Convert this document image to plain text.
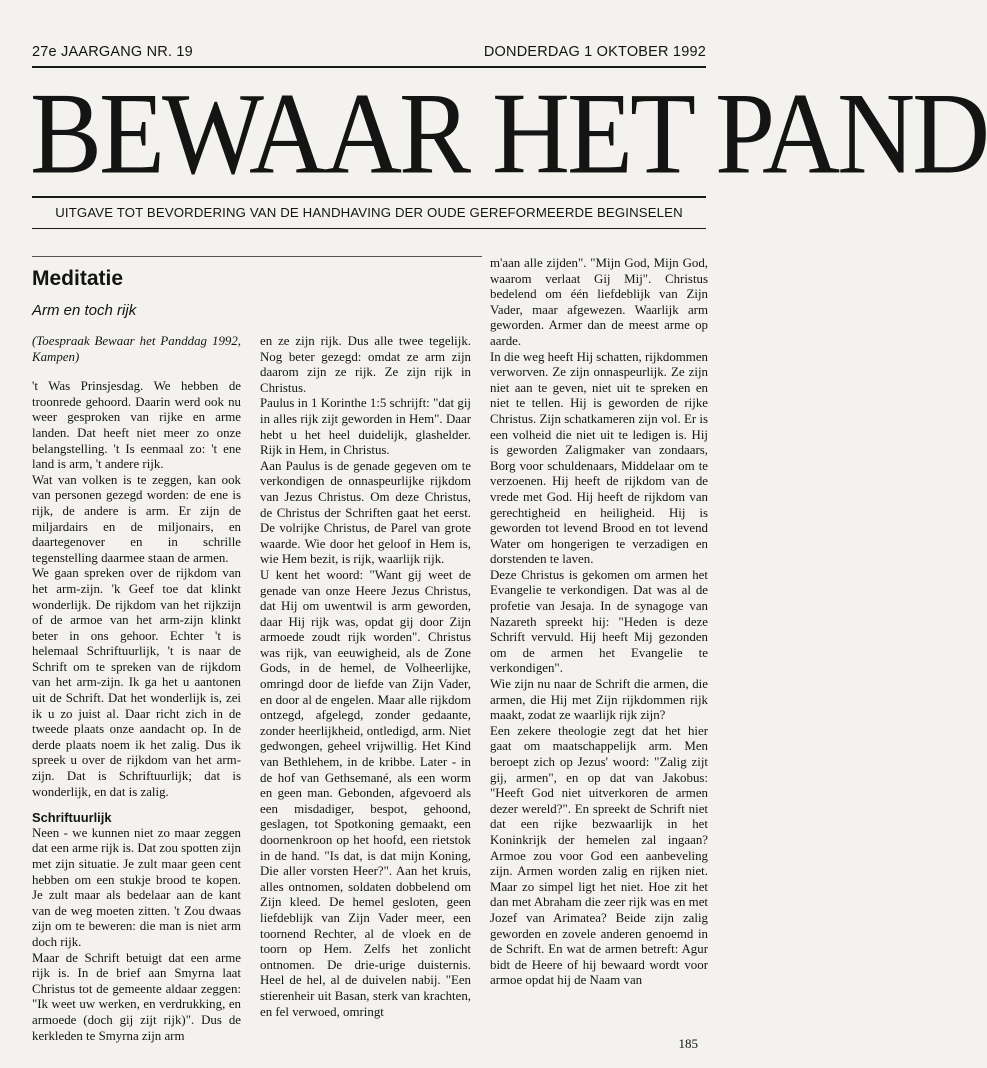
27e JAARGANG NR. 19	DONDERDAG 1 OKTOBER 1992
BEWAAR HET PAND
UITGAVE TOT BEVORDERING VAN DE HANDHAVING DER OUDE GEREFORMEERDE BEGINSELEN

Meditatie

Arm en toch rijk

(Toespraak Bewaar het Panddag 1992, Kampen)

't Was Prinsjesdag. We hebben de troonrede gehoord. Daarin werd ook nu weer gesproken van rijke en arme landen. Dat heeft niet meer zo onze belangstelling. 't Is eenmaal zo: 't ene land is arm, 't andere rijk.

Wat van volken is te zeggen, kan ook van personen gezegd worden: de ene is rijk, de andere is arm. Er zijn de miljardairs en de miljonairs, en daartegenover en in schrille tegenstelling daarmee staan de armen.

We gaan spreken over de rijkdom van het arm-zijn. 'k Geef toe dat klinkt wonderlijk. De rijkdom van het rijkzijn of de armoe van het arm-zijn klinkt beter in ons gehoor. Echter 't is helemaal Schriftuurlijk, 't is naar de Schrift om te spreken van de rijkdom van het arm-zijn. Ik ga het u aantonen uit de Schrift. Dat het wonderlijk is, zei ik u zo juist al. Daar richt zich in de tweede plaats onze aandacht op. In de derde plaats noem ik het zalig. Dus ik spreek u over de rijkdom van het arm-zijn. Dat is Schriftuurlijk; dat is wonderlijk, en dat is zalig.

Schriftuurlijk

Neen - we kunnen niet zo maar zeggen dat een arme rijk is. Dat zou spotten zijn met zijn situatie. Je zult maar geen cent hebben om een stukje brood te kopen. Je zult maar als bedelaar aan de kant van de weg moeten zitten. 't Zou dwaas zijn om te beweren: die man is niet arm doch rijk.

Maar de Schrift betuigt dat een arme rijk is. In de brief aan Smyrna laat Christus tot de gemeente aldaar zeggen: "Ik weet uw werken, en verdrukking, en armoede (doch gij zijt rijk)". Dus de kerkleden te Smyrna zijn arm

en ze zijn rijk. Dus alle twee tegelijk. Nog beter gezegd: omdat ze arm zijn daarom zijn ze rijk. Ze zijn rijk in Christus.

Paulus in 1 Korinthe 1:5 schrijft: "dat gij in alles rijk zijt geworden in Hem". Daar hebt u het heel duidelijk, glashelder. Rijk in Hem, in Christus.

Aan Paulus is de genade gegeven om te verkondigen de onnaspeurlijke rijkdom van Jezus Christus. Om deze Christus, de Christus der Schriften gaat het eerst. De volrijke Christus, de Parel van grote waarde. Wie door het geloof in Hem is, wie Hem bezit, is rijk, waarlijk rijk.

U kent het woord: "Want gij weet de genade van onze Heere Jezus Christus, dat Hij om uwentwil is arm geworden, daar Hij rijk was, opdat gij door Zijn armoede zoudt rijk worden". Christus was rijk, van eeuwigheid, als de Zone Gods, in de hemel, de Volheerlijke, omringd door de liefde van Zijn Vader, en door al de engelen. Maar alle rijkdom ontzegd, afgelegd, zonder gedaante, zonder heerlijkheid, ontledigd, arm. Niet gedwongen, geheel vrijwillig. Het Kind van Bethlehem, in de kribbe. Later - in de hof van Gethsemané, als een worm en geen man. Gebonden, afgevoerd als een misdadiger, bespot, gehoond, geslagen, tot Spotkoning gemaakt, een doornenkroon op het hoofd, een rietstok in de hand. "Is dat, is dat mijn Koning, Die aller vorsten Heer?". Aan het kruis, alles ontnomen, soldaten dobbelend om Zijn kleed. De hemel gesloten, geen liefdeblijk van Zijn Vader meer, een toornend Rechter, al de vloek en de toorn op Hem. Zelfs het zonlicht ontnomen. De drie-urige duisternis. Heel de hel, al de duivelen nabij. "Een stierenheir uit Basan, sterk van krachten, en fel verwoed, omringt

m'aan alle zijden". "Mijn God, Mijn God, waarom verlaat Gij Mij". Christus bedelend om één liefdeblijk van Zijn Vader, maar afgewezen. Waarlijk arm geworden. Armer dan de meest arme op aarde.

In die weg heeft Hij schatten, rijkdommen verworven. Ze zijn onnaspeurlijk. Ze zijn niet aan te geven, niet uit te spreken en niet te tellen. Hij is geworden de rijke Christus. Zijn schatkameren zijn vol. Er is een volheid die niet uit te ledigen is. Hij is geworden Zaligmaker van zondaars, Borg voor schuldenaars, Middelaar om te verzoenen. Hij heeft de rijkdom van de vrede met God. Hij heeft de rijkdom van gerechtigheid en heiligheid. Hij is geworden tot levend Brood en tot levend Water om hongerigen te verzadigen en dorstenden te laven.

Deze Christus is gekomen om armen het Evangelie te verkondigen. Dat was al de profetie van Jesaja. In de synagoge van Nazareth spreekt hij: "Heden is deze Schrift vervuld. Hij heeft Mij gezonden om de armen het Evangelie te verkondigen".

Wie zijn nu naar de Schrift die armen, die armen, die Hij met Zijn rijkdommen rijk maakt, zodat ze waarlijk rijk zijn?

Een zekere theologie zegt dat het hier gaat om maatschappelijk arm. Men beroept zich op Jezus' woord: "Zalig zijt gij, armen", en op dat van Jakobus: "Heeft God niet uitverkoren de armen dezer wereld?". En spreekt de Schrift niet dat een rijke bezwaarlijk in het Koninkrijk der hemelen zal ingaan? Armoe zou voor God een aanbeveling zijn. Armen worden zalig en rijken niet. Maar zo simpel ligt het niet. Hoe zit het dan met Abraham die zeer rijk was en met Jozef van Arimatea? Beide zijn zalig geworden en zovele anderen genoemd in de Schrift. En wat de armen betreft: Agur bidt de Heere of hij bewaard wordt voor armoe opdat hij de Naam van

185
